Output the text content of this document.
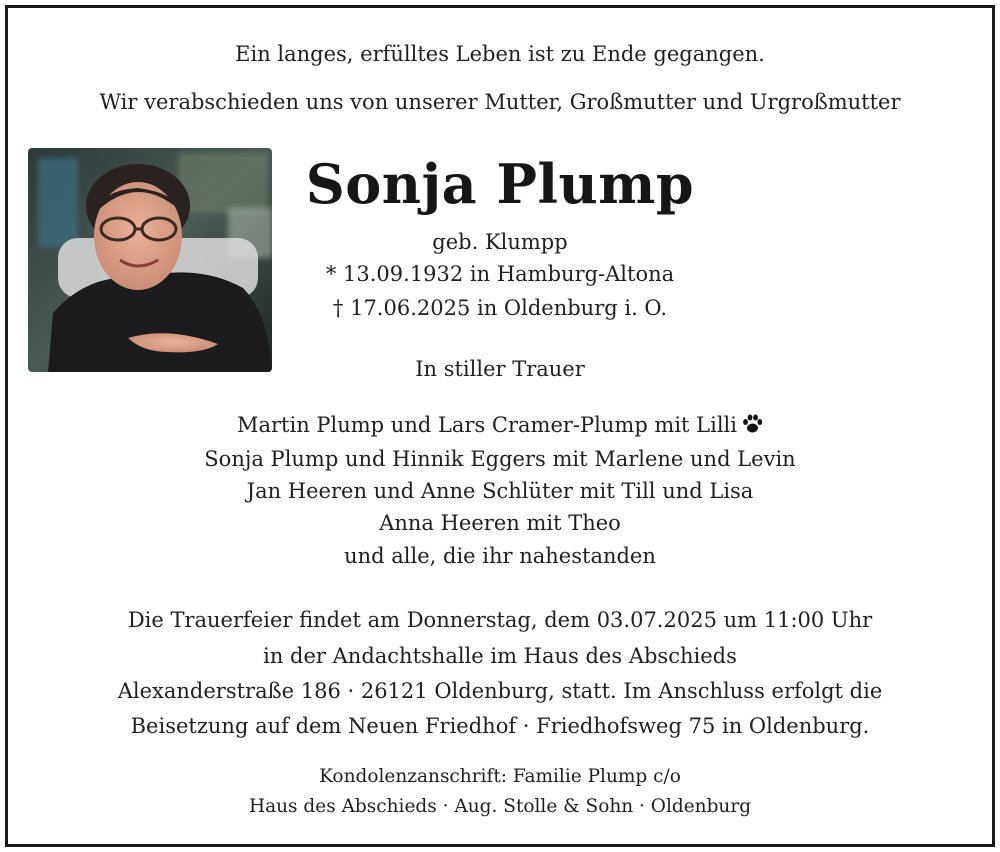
Ein langes, erfülltes Leben ist zu Ende gegangen.
Wir verabschieden uns von unserer Mutter, Großmutter und Urgroßmutter
Sonja Plump
geb. Klumpp
* 13.09.1932 in Hamburg-Altona
† 17.06.2025 in Oldenburg i. O.
In stiller Trauer
Martin Plump und Lars Cramer-Plump mit Lilli
Sonja Plump und Hinnik Eggers mit Marlene und Levin
Jan Heeren und Anne Schlüter mit Till und Lisa
Anna Heeren mit Theo
und alle, die ihr nahestanden
Die Trauerfeier findet am Donnerstag, dem 03.07.2025 um 11:00 Uhr
in der Andachtshalle im Haus des Abschieds
Alexanderstraße 186 · 26121 Oldenburg, statt. Im Anschluss erfolgt die
Beisetzung auf dem Neuen Friedhof · Friedhofsweg 75 in Oldenburg.
Kondolenzanschrift: Familie Plump c/o
Haus des Abschieds · Aug. Stolle & Sohn · Oldenburg
